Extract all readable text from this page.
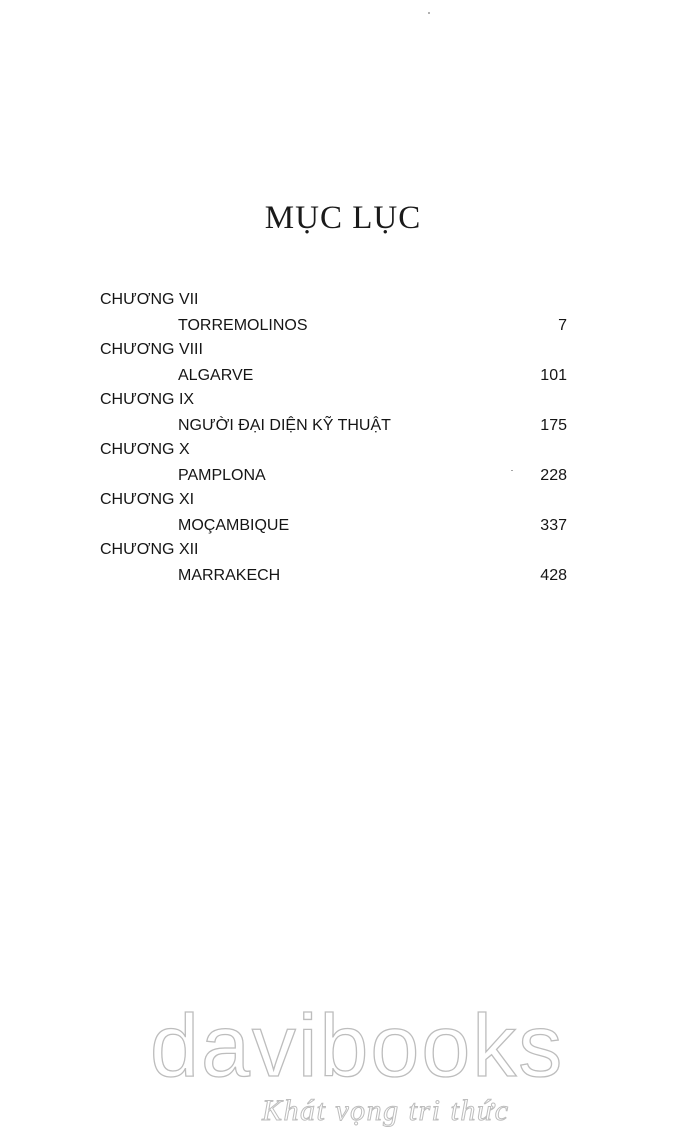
MỤC LỤC
CHƯƠNG VII
TORREMOLINOS	7
CHƯƠNG VIII
ALGARVE	101
CHƯƠNG IX
NGƯỜI ĐẠI DIỆN KỸ THUẬT	175
CHƯƠNG X
PAMPLONA	228
CHƯƠNG XI
MOÇAMBIQUE	337
CHƯƠNG XII
MARRAKECH	428
davibooks
Khát vọng tri thức
